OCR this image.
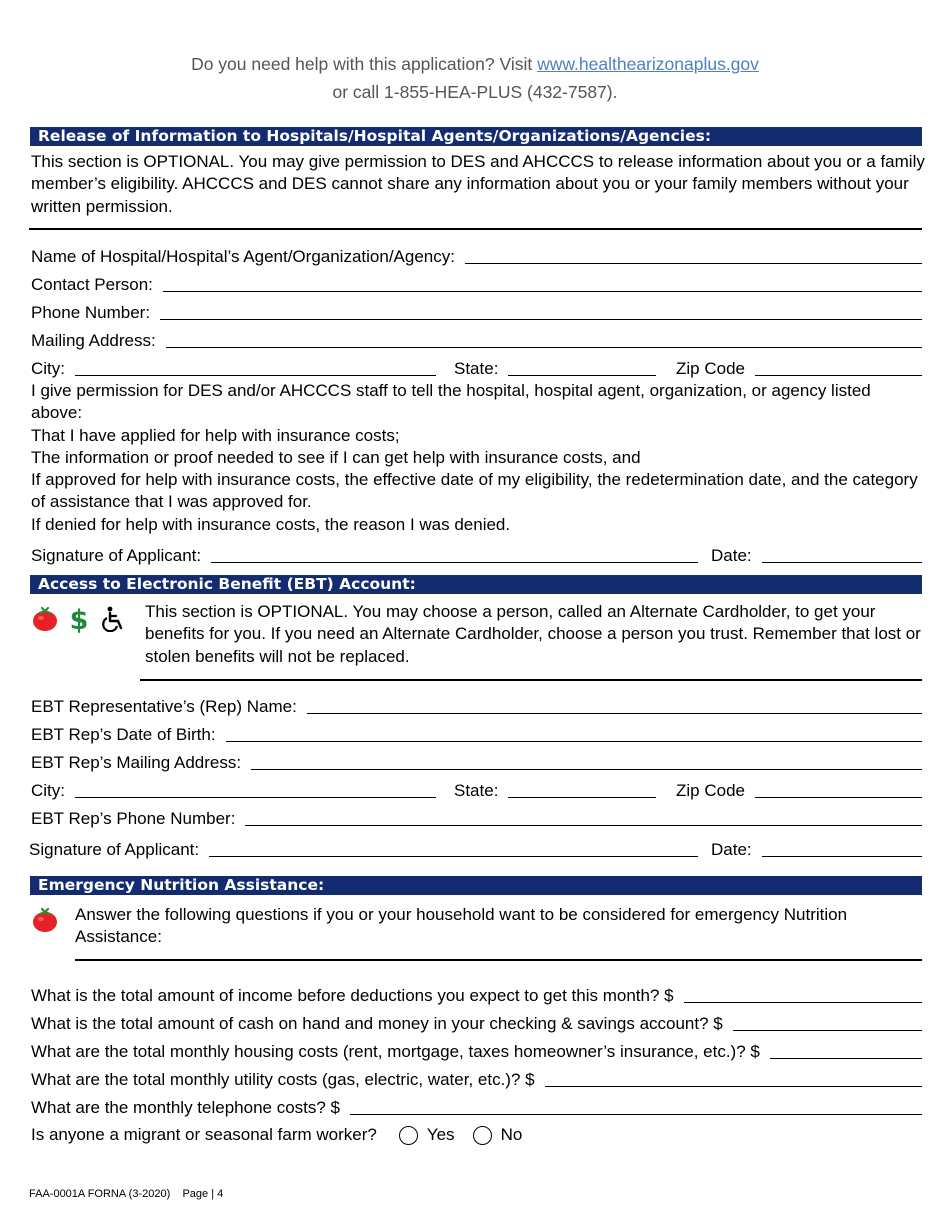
Do you need help with this application? Visit www.healthearizonaplus.gov
or call 1-855-HEA-PLUS (432-7587).
Release of Information to Hospitals/Hospital Agents/Organizations/Agencies:
This section is OPTIONAL. You may give permission to DES and AHCCCS to release information about you or a family member’s eligibility. AHCCCS and DES cannot share any information about you or your family members without your written permission.
Name of Hospital/Hospital’s Agent/Organization/Agency:
Contact Person:
Phone Number:
Mailing Address:
City:	State:	Zip Code
I give permission for DES and/or AHCCCS staff to tell the hospital, hospital agent, organization, or agency listed above:
That I have applied for help with insurance costs;
The information or proof needed to see if I can get help with insurance costs, and
If approved for help with insurance costs, the effective date of my eligibility, the redetermination date, and the category of assistance that I was approved for.
If denied for help with insurance costs, the reason I was denied.
Signature of Applicant:	Date:
Access to Electronic Benefit (EBT) Account:
$	This section is OPTIONAL. You may choose a person, called an Alternate Cardholder, to get your benefits for you. If you need an Alternate Cardholder, choose a person you trust. Remember that lost or stolen benefits will not be replaced.
EBT Representative’s (Rep) Name:
EBT Rep’s Date of Birth:
EBT Rep’s Mailing Address:
City:	State:	Zip Code
EBT Rep’s Phone Number:
Signature of Applicant:	Date:
Emergency Nutrition Assistance:
Answer the following questions if you or your household want to be considered for emergency Nutrition Assistance:
What is the total amount of income before deductions you expect to get this month? $
What is the total amount of cash on hand and money in your checking & savings account? $
What are the total monthly housing costs (rent, mortgage, taxes homeowner’s insurance, etc.)? $
What are the total monthly utility costs (gas, electric, water, etc.)? $
What are the monthly telephone costs? $
Is anyone a migrant or seasonal farm worker?	Yes	No
FAA-0001A FORNA (3-2020)    Page | 4
